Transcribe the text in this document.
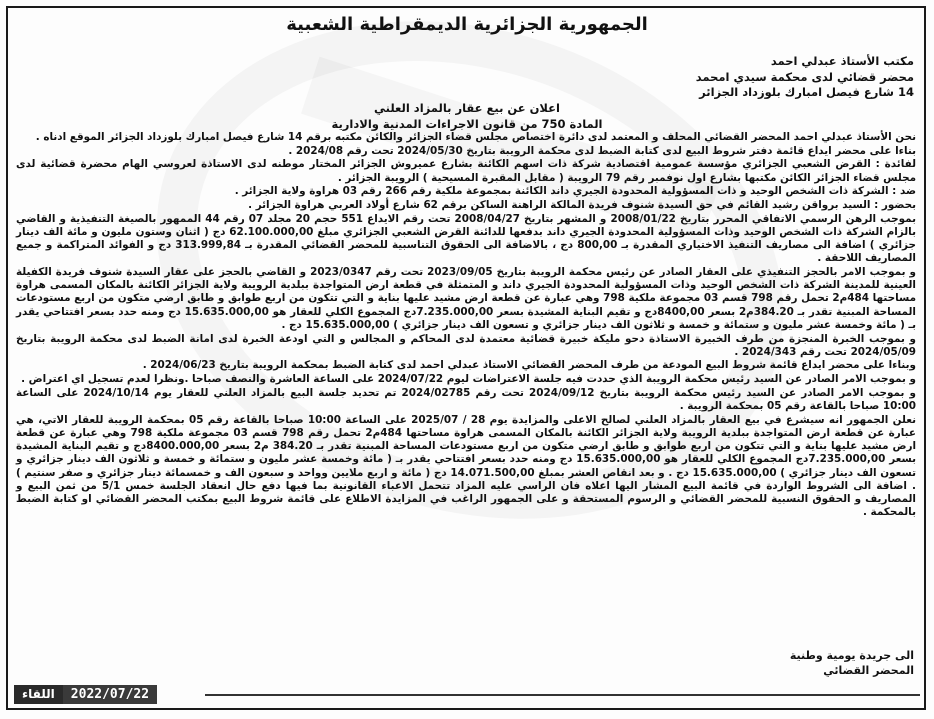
الجمهورية الجزائرية الديمقراطية الشعبية
مكتب الأستاذ عبدلي احمد
محضر قضائي لدى محكمة سيدي امحمد
14 شارع فيصل امبارك بلوزداد الجزائر
اعلان عن بيع عقار بالمزاد العلني
المادة 750 من قانون الاجراءات المدنية والادارية

نحن الأستاذ عبدلي احمد المحضر القضائي المحلف و المعتمد لدى دائرة اختصاص مجلس قضاء الجزائر والكائن مكتبه برقم 14 شارع فيصل امبارك بلوزداد الجزائر الموقع ادناه .

بناءا على محضر ايداع قائمة دفتر شروط البيع لدى كتابة الضبط لدى محكمة الرويبة بتاريخ 2024/05/30 تحت رقم 2024/08 .

لفائدة : القرض الشعبي الجزائري مؤسسة عمومية اقتصادية شركة ذات اسهم الكائنة بشارع عميروش الجزائر المختار موطنه لدى الاستاذة لعروسي الهام محضرة قضائية لدى مجلس قضاء الجزائر الكائن مكتبها بشارع اول نوفمبر رقم 79 الرويبة ( مقابل المقبرة المسيحية ) الرويبة الجزائر .

ضد : الشركة ذات الشخص الوحيد و ذات المسؤولية المحدودة الجيري داند الكائنة بمجموعة ملكية رقم 266 رقم 03 هراوة ولاية الجزائر .

بحضور : السيد برواقن رشيد القائم في حق السيدة شنوف فريدة المالكة الراهنة الساكن برقم 62 شارع أولاد العربي هراوة الجزائر .

بموجب الرهن الرسمي الاتفاقي المحرر بتاريخ 2008/01/22 و المشهر بتاريخ 2008/04/27 تحت رقم الايداع 551 حجم 20 مجلد 07 رقم 44 الممهور بالصيغة التنفيذية و القاضي بالزام الشركة ذات الشخص الوحيد وذات المسؤولية المحدودة الجيري داند بدفعها للدائنة القرض الشعبي الجزائري مبلغ 62.100.000,00 دج ( اثنان وستون مليون و مائة الف دينار جزائري ) اضافة الى مصاريف التنفيذ الاختياري المقدرة بـ 800,00 دج ، بالاضافة الى الحقوق التناسبية للمحضر القضائي المقدرة بـ 313.999,84 دج و الفوائد المتراكمة و جميع المصاريف اللاحقة .

و بموجب الامر بالحجز التنفيذي على العقار الصادر عن رئيس محكمة الرويبة بتاريخ 2023/09/05 تحت رقم 2023/0347 و القاضي بالحجز على عقار السيدة شنوف فريدة الكفيلة العينية للمدينة الشركة ذات الشخص الوحيد وذات المسؤولية المحدودة الجيري داند و المتمثلة في قطعة ارض المتواجدة ببلدية الرويبة ولاية الجزائر الكائنة بالمكان المسمى هراوة مساحتها 484م2 تحمل رقم 798 قسم 03 مجموعة ملكية 798 وهي عبارة عن قطعة ارض مشيد عليها بناية و التي تتكون من اربع طوابق و طابق ارضي متكون من اربع مستودعات المساحة المبنية تقدر بـ 384.20م2 بسعر 8400,00دج و تقيم البناية المشيدة بسعر 7.235.000,00دج المجموع الكلي للعقار هو 15.635.000,00 دج ومنه حدد بسعر افتتاحي يقدر بـ ( مائة وخمسة عشر مليون و ستمائة و خمسة و ثلاثون الف دينار جزائري و تسعون الف دينار جزائري ) 15.635.000,00 دج .

و بموجب الخبرة المنجزة من طرف الخبيرة الاستاذة دحو مليكة خبيرة قضائية معتمدة لدى المحاكم و المجالس و التي اودعة الخبرة لدى امانة الضبط لدى محكمة الرويبة بتاريخ 2024/05/09 تحت رقم 2024/343 .

وبناءا على محضر ايداع قائمة شروط البيع المودعة من طرف المحضر القضائي الاستاذ عبدلي احمد لدى كتابة الضبط بمحكمة الرويبة بتاريخ 2024/06/23 .

و بموجب الامر الصادر عن السيد رئيس محكمة الرويبة الذي حددت فيه جلسة الاعتراضات ليوم 2024/07/22 على الساعة العاشرة والنصف صباحا .ونظرا لعدم تسجيل اي اعتراض .

و بموجب الامر الصادر عن السيد رئيس محكمة الرويبة بتاريخ 2024/09/12 تحت رقم 2024/02785 تم تحديد جلسة البيع بالمزاد العلني للعقار يوم 2024/10/14 على الساعة 10:00 صباحا بالقاعة رقم 05 بمحكمة الرويبة .

نعلن الجمهور انه سيشرع في بيع العقار بالمزاد العلني لصالح الاعلى والمزايدة يوم 28 / 2025/07 على الساعة 10:00 صباحا بالقاعة رقم 05 بمحكمة الرويبة للعقار الاتي، هي عبارة عن قطعة ارض المتواجدة ببلدية الرويبة ولاية الجزائر الكائنة بالمكان المسمى هراوة مساحتها 484م2 تحمل رقم 798 قسم 03 مجموعة ملكية 798 وهي عبارة عن قطعة ارض مشيد عليها بناية و التي تتكون من اربع طوابق و طابق ارضي متكون من اربع مستودعات المساحة المبنية تقدر بـ 384.20 م2 بسعر 8400.000,00دج و تقيم البناية المشيدة بسعر 7.235.000,00دج المجموع الكلي للعقار هو 15.635.000,00 دج ومنه حدد بسعر افتتاحي يقدر بـ ( مائة وخمسة عشر مليون و ستمائة و خمسة و ثلاثون الف دينار جزائري و تسعون الف دينار جزائري ) 15.635.000,00 دج . و بعد انقاص العشر بمبلغ 14.071.500,00 دج ( مائة و اربع ملايين وواحد و سبعون الف و خمسمائة دينار جزائري و صفر سنتيم ) . اضافة الى الشروط الواردة في قائمة البيع المشار اليها اعلاه فان الراسي عليه المزاد تتحمل الاعباء القانونية بما فيها دفع حال انعقاد الجلسة خمس 5/1 من ثمن البيع و المصاريف و الحقوق النسبية للمحضر القضائي و الرسوم المستحقة و على الجمهور الراغب في المزايدة الاطلاع على قائمة شروط البيع بمكتب المحضر القضائي او كتابة الضبط بالمحكمة .

الى جريدة يومية وطنية
المحضر القضائي
اللقاء	2022/07/22
